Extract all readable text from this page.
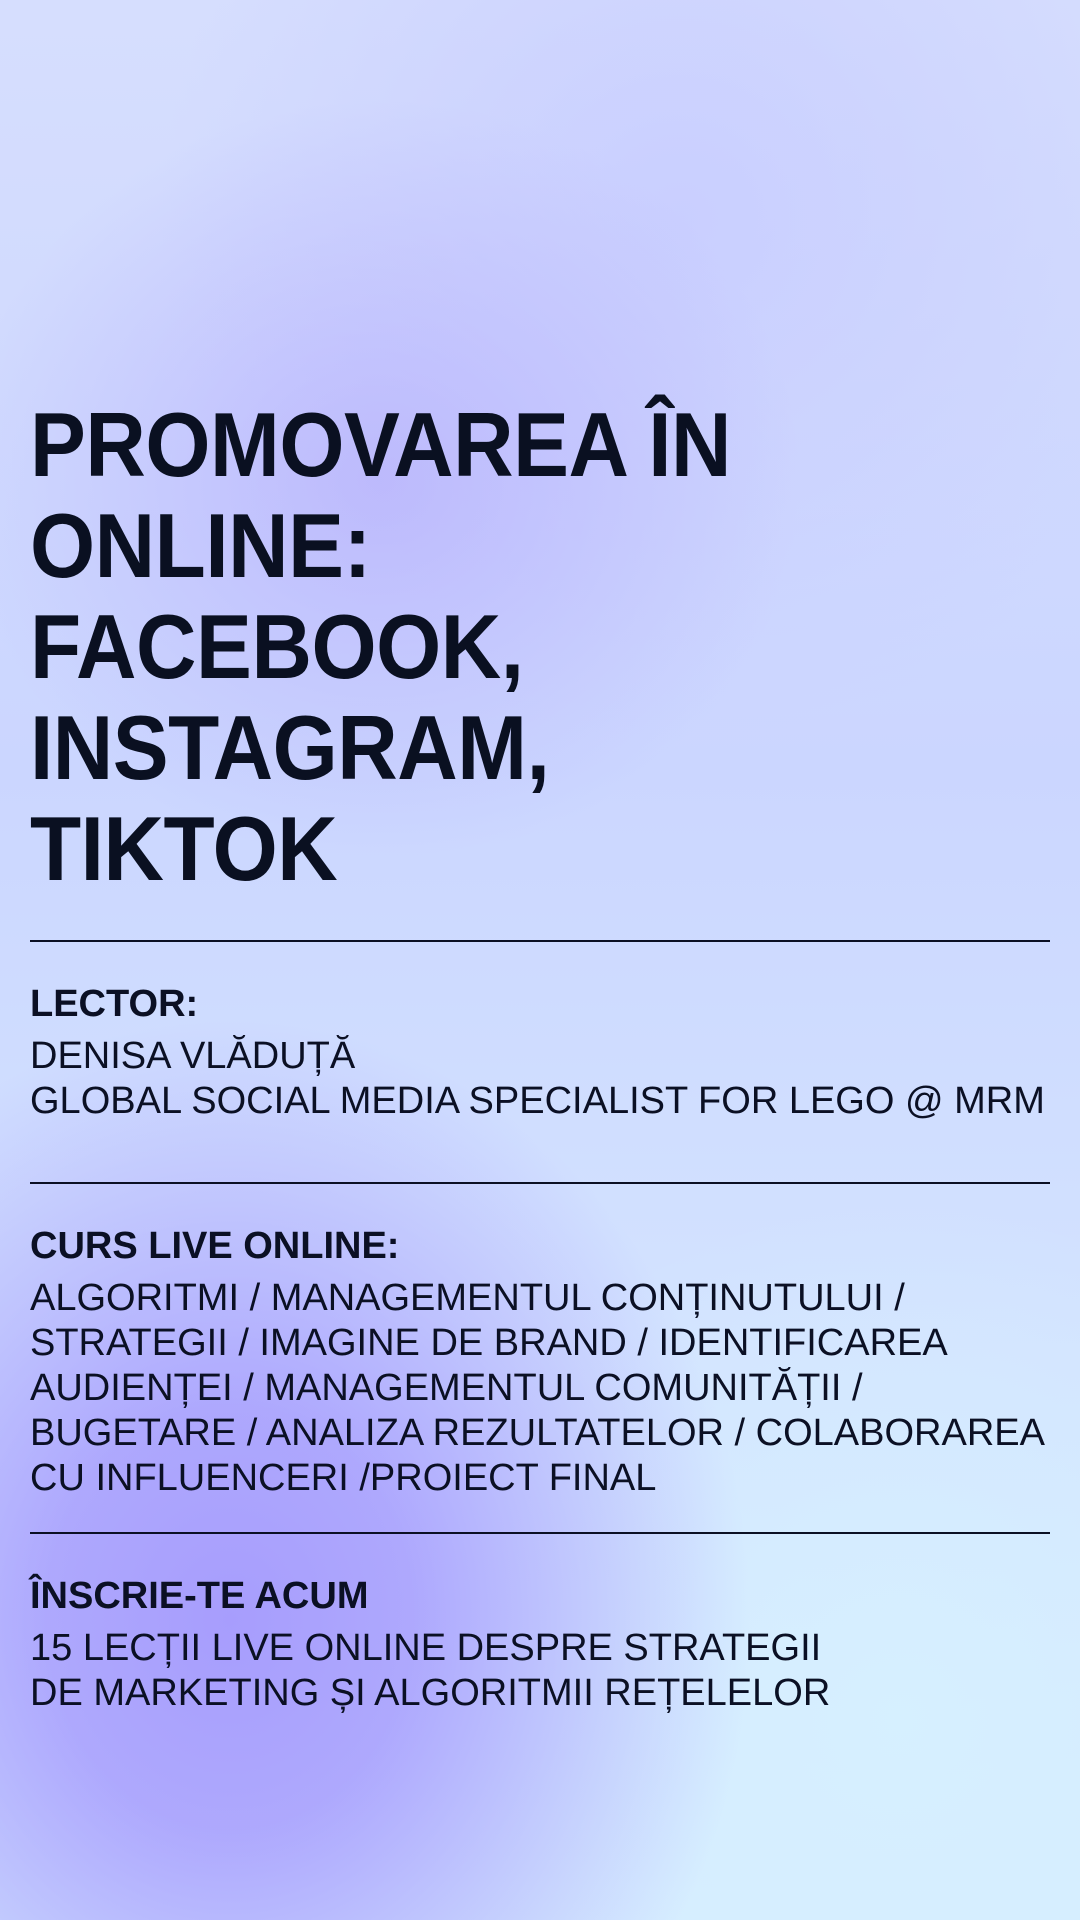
PROMOVAREA ÎN ONLINE:
FACEBOOK, INSTAGRAM,
TIKTOK
LECTOR:
DENISA VLĂDUȚĂ
GLOBAL SOCIAL MEDIA SPECIALIST FOR LEGO @ MRM
CURS LIVE ONLINE:
ALGORITMI / MANAGEMENTUL CONȚINUTULUI /
STRATEGII / IMAGINE DE BRAND / IDENTIFICAREA
AUDIENȚEI / MANAGEMENTUL COMUNITĂȚII /
BUGETARE / ANALIZA REZULTATELOR / COLABORAREA
CU INFLUENCERI /PROIECT FINAL
ÎNSCRIE-TE ACUM
15 LECȚII LIVE ONLINE DESPRE STRATEGII
DE MARKETING ȘI ALGORITMII REȚELELOR
